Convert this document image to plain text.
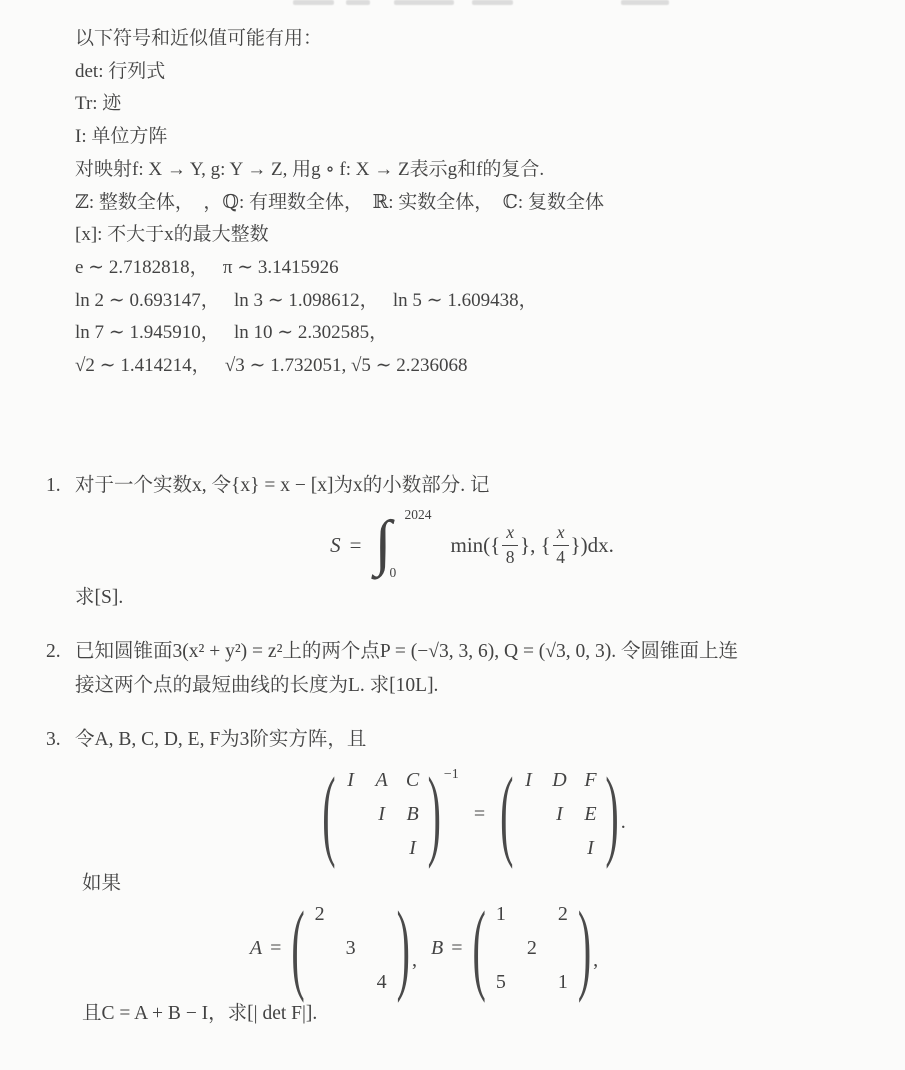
以下符号和近似值可能有用：
det: 行列式
Tr: 迹
I: 单位方阵
对映射f: X → Y, g: Y → Z, 用g ∘ f: X → Z表示g和f的复合.
ℤ: 整数全体，  ，ℚ: 有理数全体，  ℝ: 实数全体，  ℂ: 复数全体
[x]: 不大于x的最大整数
e ∼ 2.7182818，   π ∼ 3.1415926
ln 2 ∼ 0.693147，   ln 3 ∼ 1.098612，   ln 5 ∼ 1.609438，
ln 7 ∼ 1.945910，   ln 10 ∼ 2.302585，
√2 ∼ 1.414214，   √3 ∼ 1.732051, √5 ∼ 2.236068
1. 对于一个实数x, 令{x} = x − [x]为x的小数部分. 记
S = ∫ 2024
0
$\min(\{ \frac{x}{8}$ }, { $\frac{x}{4} \})dx$.
求[S].
2. 已知圆锥面3(x² + y²) = z²上的两个点P = (−√3, 3, 6), Q = (√3, 0, 3). 令圆锥面上连
接这两个点的最短曲线的长度为L. 求[10L].
3. 令A, B, C, D, E, F为3阶实方阵，且
( I A C
I B
I ) −1
= ( I D F
I E
I ) .
如果
A = ( 2
3
4 ) ,
B = ( 1	2
2
5	1 ) ,
且C = A + B − I，求[| det F|].
